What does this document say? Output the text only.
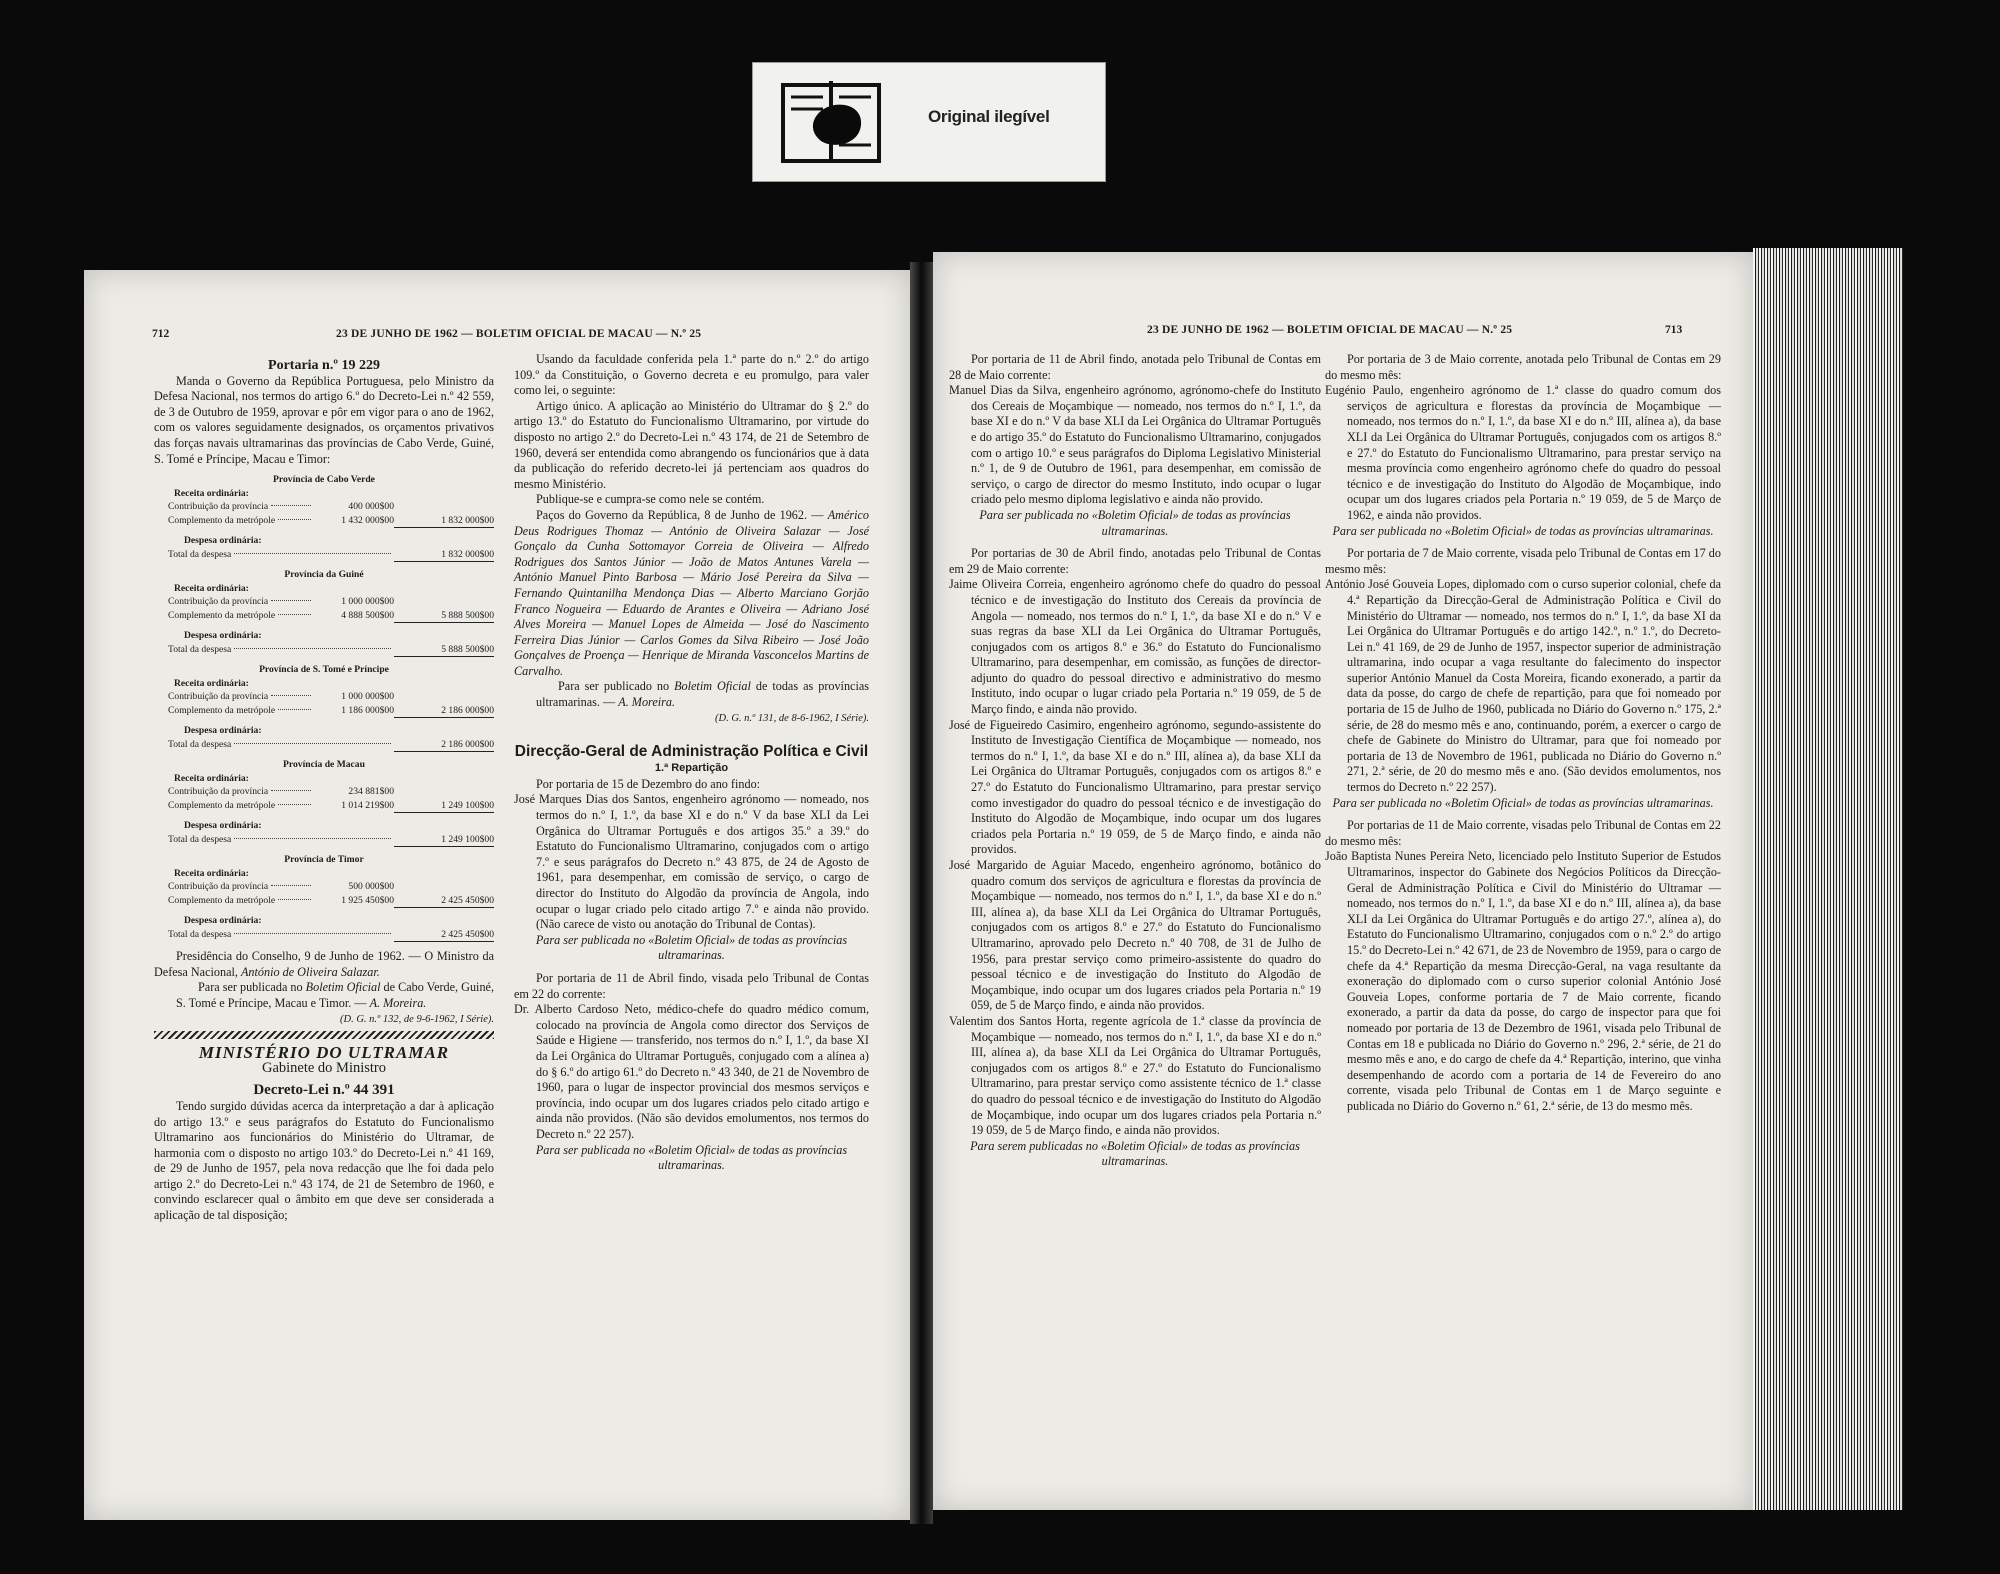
Original ilegível
712	23 DE JUNHO DE 1962 — BOLETIM OFICIAL DE MACAU — N.º 25

Portaria n.º 19 229

Manda o Governo da República Portuguesa, pelo Ministro da Defesa Nacional, nos termos do artigo 6.º do Decreto-Lei n.º 42 559, de 3 de Outubro de 1959, aprovar e pôr em vigor para o ano de 1962, com os valores seguidamente designados, os orçamentos privativos das forças navais ultramarinas das províncias de Cabo Verde, Guiné, S. Tomé e Príncipe, Macau e Timor:

Província de Cabo Verde
Receita ordinária:
Contribuição da província	400 000$00
Complemento da metrópole	1 432 000$00	1 832 000$00
Despesa ordinária:
Total da despesa	1 832 000$00
Província da Guiné
Receita ordinária:
Contribuição da província	1 000 000$00
Complemento da metrópole	4 888 500$00	5 888 500$00
Despesa ordinária:
Total da despesa	5 888 500$00
Província de S. Tomé e Príncipe
Receita ordinária:
Contribuição da província	1 000 000$00
Complemento da metrópole	1 186 000$00	2 186 000$00
Despesa ordinária:
Total da despesa	2 186 000$00
Província de Macau
Receita ordinária:
Contribuição da província	234 881$00
Complemento da metrópole	1 014 219$00	1 249 100$00
Despesa ordinária:
Total da despesa	1 249 100$00
Província de Timor
Receita ordinária:
Contribuição da província	500 000$00
Complemento da metrópole	1 925 450$00	2 425 450$00
Despesa ordinária:
Total da despesa	2 425 450$00

Presidência do Conselho, 9 de Junho de 1962. — O Ministro da Defesa Nacional, António de Oliveira Salazar.

Para ser publicada no Boletim Oficial de Cabo Verde, Guiné, S. Tomé e Príncipe, Macau e Timor. — A. Moreira.

(D. G. n.º 132, de 9-6-1962, I Série).

MINISTÉRIO DO ULTRAMAR

Gabinete do Ministro

Decreto-Lei n.º 44 391

Tendo surgido dúvidas acerca da interpretação a dar à aplicação do artigo 13.º e seus parágrafos do Estatuto do Funcionalismo Ultramarino aos funcionários do Ministério do Ultramar, de harmonia com o disposto no artigo 103.º do Decreto-Lei n.º 41 169, de 29 de Junho de 1957, pela nova redacção que lhe foi dada pelo artigo 2.º do Decreto-Lei n.º 43 174, de 21 de Setembro de 1960, e convindo esclarecer qual o âmbito em que deve ser considerada a aplicação de tal disposição;

Usando da faculdade conferida pela 1.ª parte do n.º 2.º do artigo 109.º da Constituição, o Governo decreta e eu promulgo, para valer como lei, o seguinte:

Artigo único. A aplicação ao Ministério do Ultramar do § 2.º do artigo 13.º do Estatuto do Funcionalismo Ultramarino, por virtude do disposto no artigo 2.º do Decreto-Lei n.º 43 174, de 21 de Setembro de 1960, deverá ser entendida como abrangendo os funcionários que à data da publicação do referido decreto-lei já pertenciam aos quadros do mesmo Ministério.

Publique-se e cumpra-se como nele se contém.

Paços do Governo da República, 8 de Junho de 1962. — Américo Deus Rodrigues Thomaz — António de Oliveira Salazar — José Gonçalo da Cunha Sottomayor Correia de Oliveira — Alfredo Rodrigues dos Santos Júnior — João de Matos Antunes Varela — António Manuel Pinto Barbosa — Mário José Pereira da Silva — Fernando Quintanilha Mendonça Dias — Alberto Marciano Gorjão Franco Nogueira — Eduardo de Arantes e Oliveira — Adriano José Alves Moreira — Manuel Lopes de Almeida — José do Nascimento Ferreira Dias Júnior — Carlos Gomes da Silva Ribeiro — José João Gonçalves de Proença — Henrique de Miranda Vasconcelos Martins de Carvalho.

Para ser publicado no Boletim Oficial de todas as províncias ultramarinas. — A. Moreira.

(D. G. n.º 131, de 8-6-1962, I Série).

Direcção-Geral de Administração Política e Civil

1.ª Repartição

Por portaria de 15 de Dezembro do ano findo:

José Marques Dias dos Santos, engenheiro agrónomo — nomeado, nos termos do n.º I, 1.º, da base XI e do n.º V da base XLI da Lei Orgânica do Ultramar Português e dos artigos 35.º a 39.º do Estatuto do Funcionalismo Ultramarino, conjugados com o artigo 7.º e seus parágrafos do Decreto n.º 43 875, de 24 de Agosto de 1961, para desempenhar, em comissão de serviço, o cargo de director do Instituto do Algodão da província de Angola, indo ocupar o lugar criado pelo citado artigo 7.º e ainda não provido. (Não carece de visto ou anotação do Tribunal de Contas).

Para ser publicada no «Boletim Oficial» de todas as províncias ultramarinas.

Por portaria de 11 de Abril findo, visada pelo Tribunal de Contas em 22 do corrente:

Dr. Alberto Cardoso Neto, médico-chefe do quadro médico comum, colocado na província de Angola como director dos Serviços de Saúde e Higiene — transferido, nos termos do n.º I, 1.º, da base XI da Lei Orgânica do Ultramar Português, conjugado com a alínea a) do § 6.º do artigo 61.º do Decreto n.º 43 340, de 21 de Novembro de 1960, para o lugar de inspector provincial dos mesmos serviços e província, indo ocupar um dos lugares criados pelo citado artigo e ainda não providos. (Não são devidos emolumentos, nos termos do Decreto n.º 22 257).

Para ser publicada no «Boletim Oficial» de todas as províncias ultramarinas.

23 DE JUNHO DE 1962 — BOLETIM OFICIAL DE MACAU — N.º 25	713

Por portaria de 11 de Abril findo, anotada pelo Tribunal de Contas em 28 de Maio corrente:

Manuel Dias da Silva, engenheiro agrónomo, agrónomo-chefe do Instituto dos Cereais de Moçambique — nomeado, nos termos do n.º I, 1.º, da base XI e do n.º V da base XLI da Lei Orgânica do Ultramar Português e do artigo 35.º do Estatuto do Funcionalismo Ultramarino, conjugados com o artigo 10.º e seus parágrafos do Diploma Legislativo Ministerial n.º 1, de 9 de Outubro de 1961, para desempenhar, em comissão de serviço, o cargo de director do mesmo Instituto, indo ocupar o lugar criado pelo mesmo diploma legislativo e ainda não provido.

Para ser publicada no «Boletim Oficial» de todas as províncias ultramarinas.

Por portarias de 30 de Abril findo, anotadas pelo Tribunal de Contas em 29 de Maio corrente:

Jaime Oliveira Correia, engenheiro agrónomo chefe do quadro do pessoal técnico e de investigação do Instituto dos Cereais da província de Angola — nomeado, nos termos do n.º I, 1.º, da base XI e do n.º V e suas regras da base XLI da Lei Orgânica do Ultramar Português, conjugados com os artigos 8.º e 36.º do Estatuto do Funcionalismo Ultramarino, para desempenhar, em comissão, as funções de director-adjunto do quadro do pessoal directivo e administrativo do mesmo Instituto, indo ocupar o lugar criado pela Portaria n.º 19 059, de 5 de Março findo, e ainda não provido.

José de Figueiredo Casimiro, engenheiro agrónomo, segundo-assistente do Instituto de Investigação Científica de Moçambique — nomeado, nos termos do n.º I, 1.º, da base XI e do n.º III, alínea a), da base XLI da Lei Orgânica do Ultramar Português, conjugados com os artigos 8.º e 27.º do Estatuto do Funcionalismo Ultramarino, para prestar serviço como investigador do quadro do pessoal técnico e de investigação do Instituto do Algodão de Moçambique, indo ocupar um dos lugares criados pela Portaria n.º 19 059, de 5 de Março findo, e ainda não providos.

José Margarido de Aguiar Macedo, engenheiro agrónomo, botânico do quadro comum dos serviços de agricultura e florestas da província de Moçambique — nomeado, nos termos do n.º I, 1.º, da base XI e do n.º III, alínea a), da base XLI da Lei Orgânica do Ultramar Português, conjugados com os artigos 8.º e 27.º do Estatuto do Funcionalismo Ultramarino, aprovado pelo Decreto n.º 40 708, de 31 de Julho de 1956, para prestar serviço como primeiro-assistente do quadro do pessoal técnico e de investigação do Instituto do Algodão de Moçambique, indo ocupar um dos lugares criados pela Portaria n.º 19 059, de 5 de Março findo, e ainda não providos.

Valentim dos Santos Horta, regente agrícola de 1.ª classe da província de Moçambique — nomeado, nos termos do n.º I, 1.º, da base XI e do n.º III, alínea a), da base XLI da Lei Orgânica do Ultramar Português, conjugados com os artigos 8.º e 27.º do Estatuto do Funcionalismo Ultramarino, para prestar serviço como assistente técnico de 1.ª classe do quadro do pessoal técnico e de investigação do Instituto do Algodão de Moçambique, indo ocupar um dos lugares criados pela Portaria n.º 19 059, de 5 de Março findo, e ainda não providos.

Para serem publicadas no «Boletim Oficial» de todas as províncias ultramarinas.

Por portaria de 3 de Maio corrente, anotada pelo Tribunal de Contas em 29 do mesmo mês:

Eugénio Paulo, engenheiro agrónomo de 1.ª classe do quadro comum dos serviços de agricultura e florestas da província de Moçambique — nomeado, nos termos do n.º I, 1.º, da base XI e do n.º III, alínea a), da base XLI da Lei Orgânica do Ultramar Português, conjugados com os artigos 8.º e 27.º do Estatuto do Funcionalismo Ultramarino, para prestar serviço na mesma província como engenheiro agrónomo chefe do quadro do pessoal técnico e de investigação do Instituto do Algodão de Moçambique, indo ocupar um dos lugares criados pela Portaria n.º 19 059, de 5 de Março de 1962, e ainda não providos.

Para ser publicada no «Boletim Oficial» de todas as províncias ultramarinas.

Por portaria de 7 de Maio corrente, visada pelo Tribunal de Contas em 17 do mesmo mês:

António José Gouveia Lopes, diplomado com o curso superior colonial, chefe da 4.ª Repartição da Direcção-Geral de Administração Política e Civil do Ministério do Ultramar — nomeado, nos termos do n.º I, 1.º, da base XI da Lei Orgânica do Ultramar Português e do artigo 142.º, n.º 1.º, do Decreto-Lei n.º 41 169, de 29 de Junho de 1957, inspector superior de administração ultramarina, indo ocupar a vaga resultante do falecimento do inspector superior António Manuel da Costa Moreira, ficando exonerado, a partir da data da posse, do cargo de chefe de repartição, para que foi nomeado por portaria de 15 de Julho de 1960, publicada no Diário do Governo n.º 175, 2.ª série, de 28 do mesmo mês e ano, continuando, porém, a exercer o cargo de chefe de Gabinete do Ministro do Ultramar, para que foi nomeado por portaria de 13 de Novembro de 1961, publicada no Diário do Governo n.º 271, 2.ª série, de 20 do mesmo mês e ano. (São devidos emolumentos, nos termos do Decreto n.º 22 257).

Para ser publicada no «Boletim Oficial» de todas as províncias ultramarinas.

Por portarias de 11 de Maio corrente, visadas pelo Tribunal de Contas em 22 do mesmo mês:

João Baptista Nunes Pereira Neto, licenciado pelo Instituto Superior de Estudos Ultramarinos, inspector do Gabinete dos Negócios Políticos da Direcção-Geral de Administração Política e Civil do Ministério do Ultramar — nomeado, nos termos do n.º I, 1.º, da base XI e do n.º III, alínea a), da base XLI da Lei Orgânica do Ultramar Português e do artigo 27.º, alínea a), do Estatuto do Funcionalismo Ultramarino, conjugados com o n.º 2.º do artigo 15.º do Decreto-Lei n.º 42 671, de 23 de Novembro de 1959, para o cargo de chefe da 4.ª Repartição da mesma Direcção-Geral, na vaga resultante da exoneração do diplomado com o curso superior colonial António José Gouveia Lopes, conforme portaria de 7 de Maio corrente, ficando exonerado, a partir da data da posse, do cargo de inspector para que foi nomeado por portaria de 13 de Dezembro de 1961, visada pelo Tribunal de Contas em 18 e publicada no Diário do Governo n.º 296, 2.ª série, de 21 do mesmo mês e ano, e do cargo de chefe da 4.ª Repartição, interino, que vinha desempenhando de acordo com a portaria de 14 de Fevereiro do ano corrente, visada pelo Tribunal de Contas em 1 de Março seguinte e publicada no Diário do Governo n.º 61, 2.ª série, de 13 do mesmo mês.
